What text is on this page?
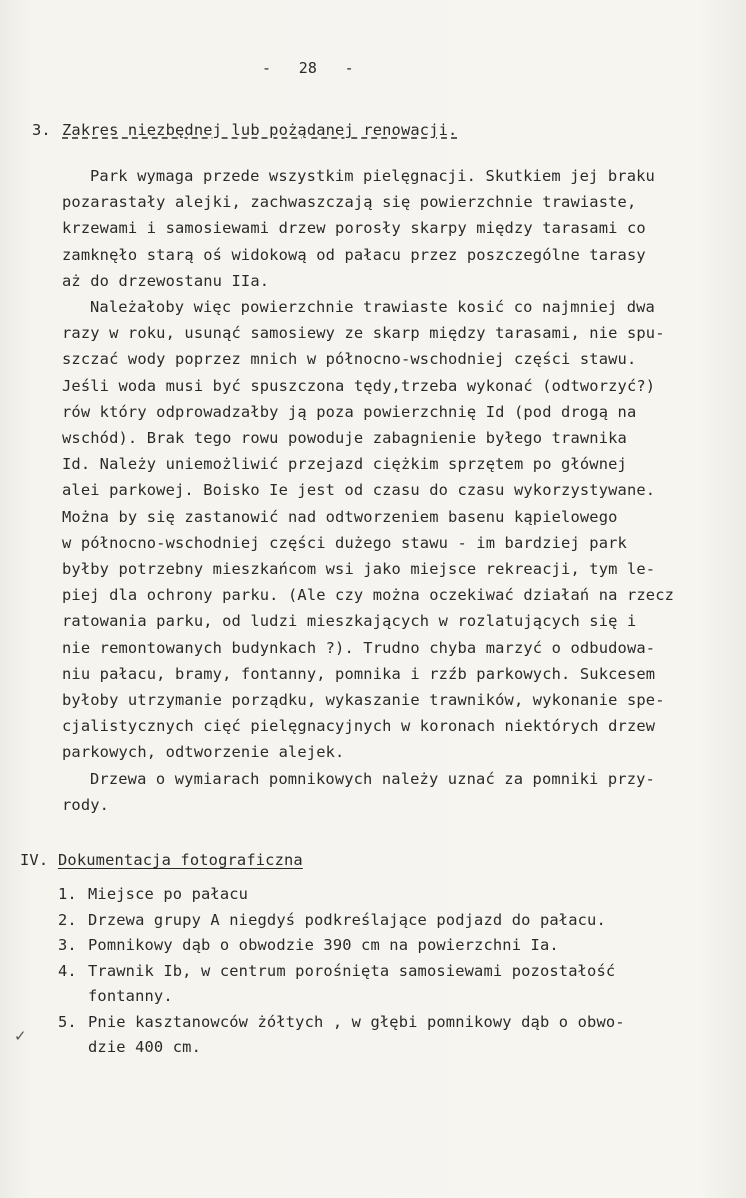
-   28   -
3. Zakres niezbędnej lub pożądanej renowacji.
Park wymaga przede wszystkim pielęgnacji. Skutkiem jej braku
pozarastały alejki, zachwaszczają się powierzchnie trawiaste,
krzewami i samosiewami drzew porosły skarpy między tarasami co
zamknęło starą oś widokową od pałacu przez poszczególne tarasy
aż do drzewostanu IIa.
Należałoby więc powierzchnie trawiaste kosić co najmniej dwa
razy w roku, usunąć samosiewy ze skarp między tarasami, nie spu-
szczać wody poprzez mnich w północno-wschodniej części stawu.
Jeśli woda musi być spuszczona tędy,trzeba wykonać (odtworzyć?)
rów który odprowadzałby ją poza powierzchnię Id (pod drogą na
wschód). Brak tego rowu powoduje zabagnienie byłego trawnika
Id. Należy uniemożliwić przejazd ciężkim sprzętem po głównej
alei parkowej. Boisko Ie jest od czasu do czasu wykorzystywane.
Można by się zastanowić nad odtworzeniem basenu kąpielowego
w północno-wschodniej części dużego stawu - im bardziej park
byłby potrzebny mieszkańcom wsi jako miejsce rekreacji, tym le-
piej dla ochrony parku. (Ale czy można oczekiwać działań na rzecz
ratowania parku, od ludzi mieszkających w rozlatujących się i
nie remontowanych budynkach ?). Trudno chyba marzyć o odbudowa-
niu pałacu, bramy, fontanny, pomnika i rzźb parkowych. Sukcesem
byłoby utrzymanie porządku, wykaszanie trawników, wykonanie spe-
cjalistycznych cięć pielęgnacyjnych w koronach niektórych drzew
parkowych, odtworzenie alejek.
Drzewa o wymiarach pomnikowych należy uznać za pomniki przy-
rody.
IV. Dokumentacja fotograficzna
1. Miejsce po pałacu
2. Drzewa grupy A niegdyś podkreślające podjazd do pałacu.
3. Pomnikowy dąb o obwodzie 390 cm na powierzchni Ia.
4. Trawnik Ib, w centrum porośnięta samosiewami pozostałość
fontanny.
5. Pnie kasztanowców żółtych , w głębi pomnikowy dąb o obwo-
dzie 400 cm.
✓
